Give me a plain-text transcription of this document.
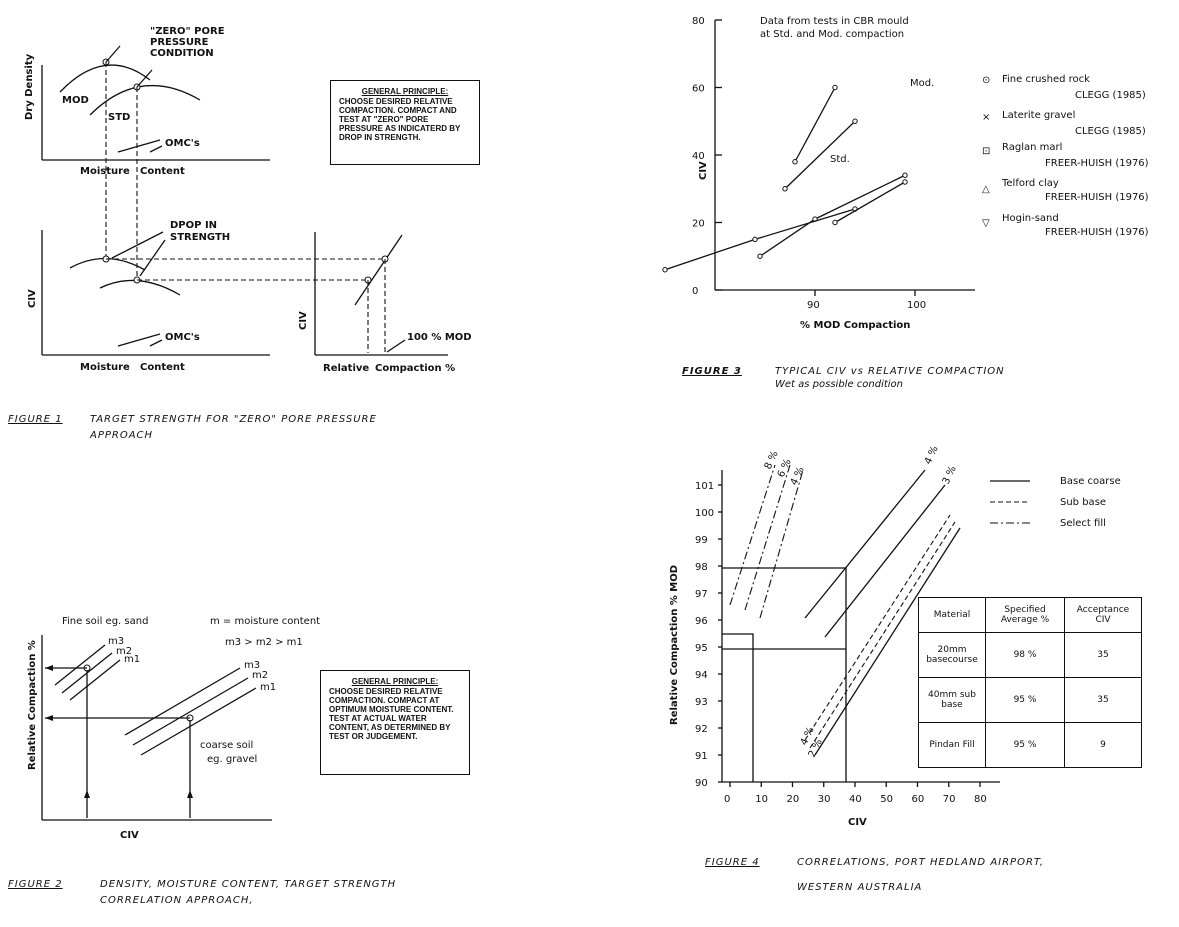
Dry Density
"ZERO" PORE
PRESSURE
CONDITION
MOD
STD
OMC's
Moisture Content
CIV
DPOP IN
STRENGTH
OMC's
Moisture Content
CIV
100 % MOD
Relative Compaction %
FIGURE 1	TARGET STRENGTH FOR "ZERO" PORE PRESSURE
APPROACH
Relative Compaction %
CIV
Fine soil eg. sand	m = moisture content
m3 > m2 > m1
m3
m2
m1
m3
m2
m1
coarse soil
eg. gravel
FIGURE 2	DENSITY, MOISTURE CONTENT, TARGET STRENGTH
CORRELATION APPROACH,
CIV
% MOD Compaction
Data from tests in CBR mould
at Std. and Mod. compaction
0
20
40
60
80
90	100
Std.
Mod.	⊙ Fine crushed rock
CLEGG (1985)
× Laterite gravel
CLEGG (1985)
⊡ Raglan marl
FREER-HUISH (1976)
△
Telford clay
FREER-HUISH (1976)
▽ Hogin-sand
FREER-HUISH (1976)
FIGURE 3	TYPICAL CIV vs RELATIVE COMPACTION
Wet as possible condition
Relative Compaction % MOD
CIV
90
91
92
93
94
95
96
97
98
99
100
101
0 10 20 30 40 50 60 70 80
8 %
6 %
4 %
4 %
3 %
4 %
2 %
Base coarse
Sub base
Select fill
FIGURE 4	CORRELATIONS, PORT HEDLAND AIRPORT,
WESTERN AUSTRALIA
GENERAL PRINCIPLE:
CHOOSE DESIRED RELATIVE COMPACTION. COMPACT AND TEST AT "ZERO" PORE PRESSURE AS INDICATERD BY DROP IN STRENGTH.
GENERAL PRINCIPLE:
CHOOSE DESIRED RELATIVE COMPACTION. COMPACT AT OPTIMUM MOISTURE CONTENT. TEST AT ACTUAL WATER CONTENT, AS DETERMINED BY TEST OR JUDGEMENT.
Material	Specified Average %	Acceptance CIV
20mm basecourse	98 %	35
40mm sub base	95 %	35
Pindan Fill	95 %	9
